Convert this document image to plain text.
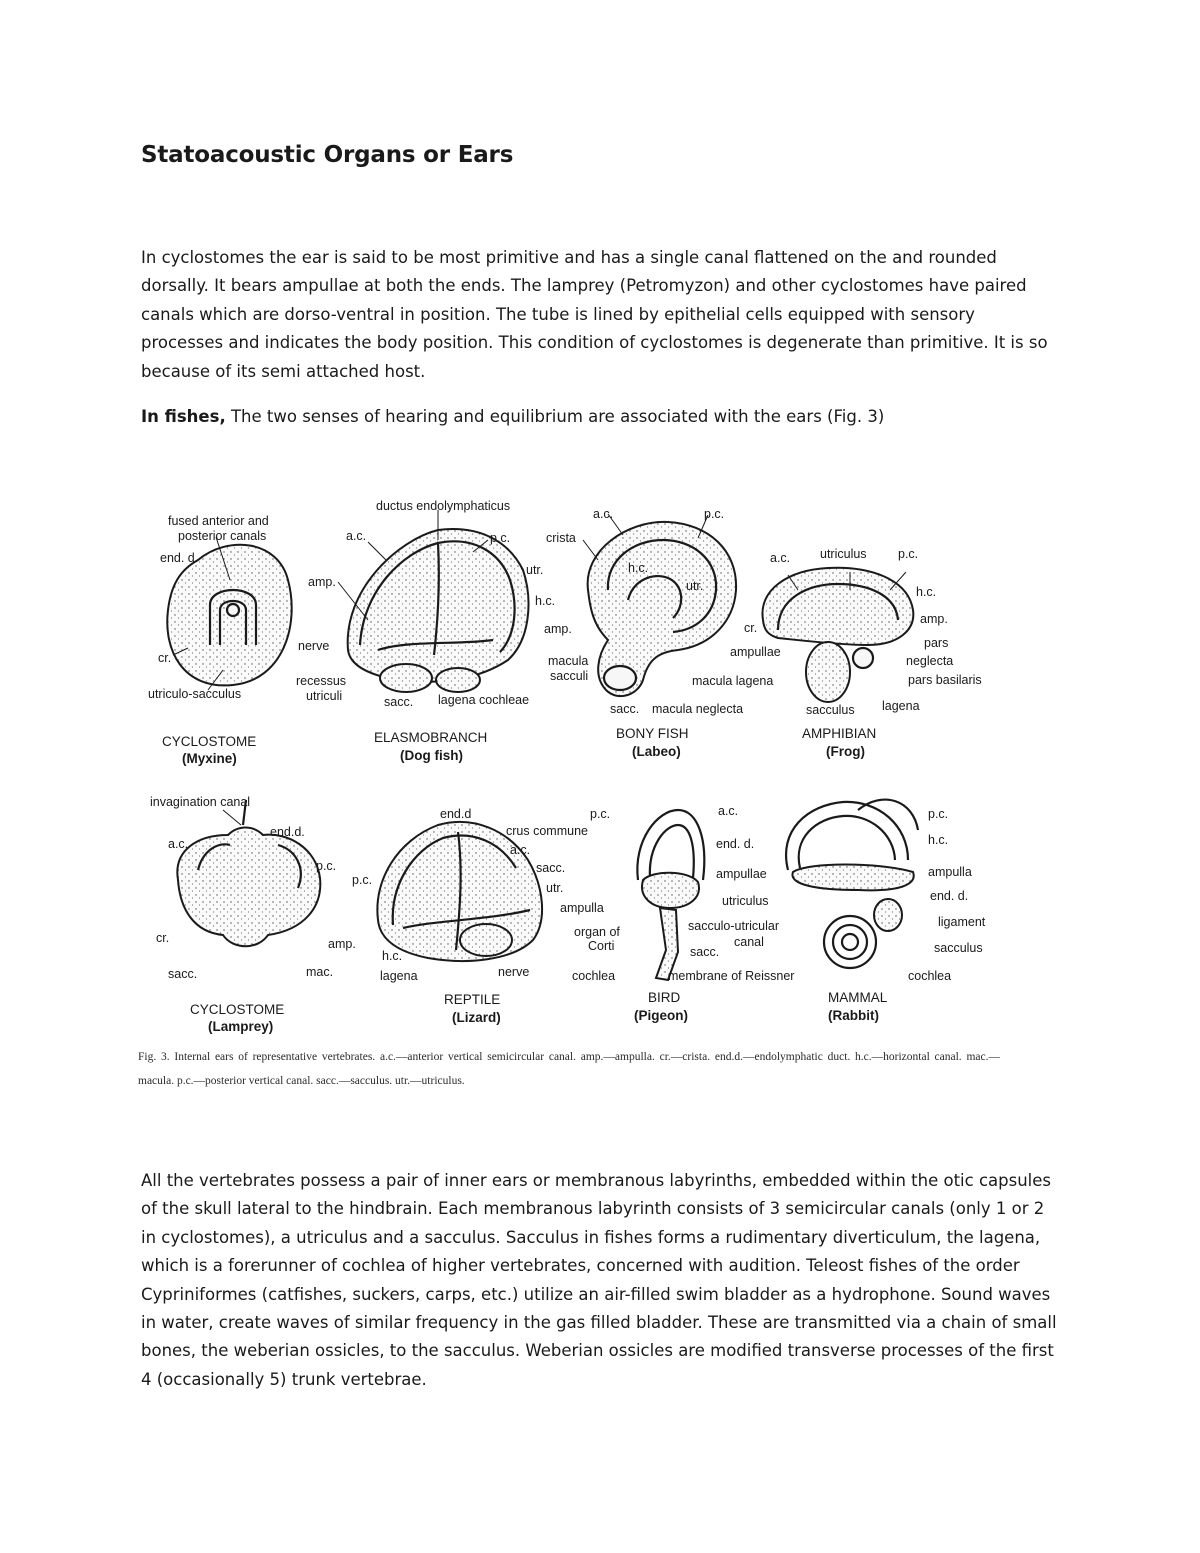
Statoacoustic Organs or Ears

In cyclostomes the ear is said to be most primitive and has a single canal flattened on the and rounded dorsally. It bears ampullae at both the ends. The lamprey (Petromyzon) and other cyclostomes have paired canals which are dorso-ventral in position. The tube is lined by epithelial cells equipped with sensory processes and indicates the body position. This condition of cyclostomes is degenerate than primitive. It is so because of its semi attached host.

In fishes, The two senses of hearing and equilibrium are associated with the ears (Fig. 3)

fused anterior and
posterior canals
end. d.
cr.
utriculo-sacculus
CYCLOSTOME
(Myxine)
ductus endolymphaticus
a.c.	p.c.
amp.
utr.
h.c.
amp.
nerve
recessus
utriculi	sacc. lagena cochleae
ELASMOBRANCH
(Dog fish)
a.c.	p.c.
crista
h.c.
utr.
cr.
macula
sacculi
ampullae
macula lagena
sacc. macula neglecta
BONY FISH
(Labeo)
a.c. utriculus	p.c.
h.c.
amp.
pars
neglecta
pars basilaris
sacculus lagena
AMPHIBIAN
(Frog)
invagination canal
a.c.
end.d.
p.c.
cr.	amp.
sacc.	mac.
CYCLOSTOME
(Lamprey)
end.d
crus commune
a.c.
p.c.
sacc.
utr.
ampulla
h.c.
lagena	nerve
REPTILE
(Lizard)
p.c.	a.c.
end. d.
ampullae
utriculus
sacculo-utricular
canal
organ of
Corti	sacc.
cochlea	membrane of Reissner
BIRD
(Pigeon)
p.c.
h.c.
ampulla
end. d.
ligament
sacculus
cochlea
MAMMAL
(Rabbit)

Fig. 3. Internal ears of representative vertebrates. a.c.—anterior vertical semicircular canal. amp.—ampulla. cr.—crista. end.d.—endolymphatic duct. h.c.—horizontal canal. mac.—macula. p.c.—posterior vertical canal. sacc.—sacculus. utr.—utriculus.

All the vertebrates possess a pair of inner ears or membranous labyrinths, embedded within the otic capsules of the skull lateral to the hindbrain. Each membranous labyrinth consists of 3 semicircular canals (only 1 or 2 in cyclostomes), a utriculus and a sacculus. Sacculus in fishes forms a rudimentary diverticulum, the lagena, which is a forerunner of cochlea of higher vertebrates, concerned with audition. Teleost fishes of the order Cypriniformes (catfishes, suckers, carps, etc.) utilize an air-filled swim bladder as a hydrophone. Sound waves in water, create waves of similar frequency in the gas filled bladder. These are transmitted via a chain of small bones, the weberian ossicles, to the sacculus. Weberian ossicles are modified transverse processes of the first 4 (occasionally 5) trunk vertebrae.
